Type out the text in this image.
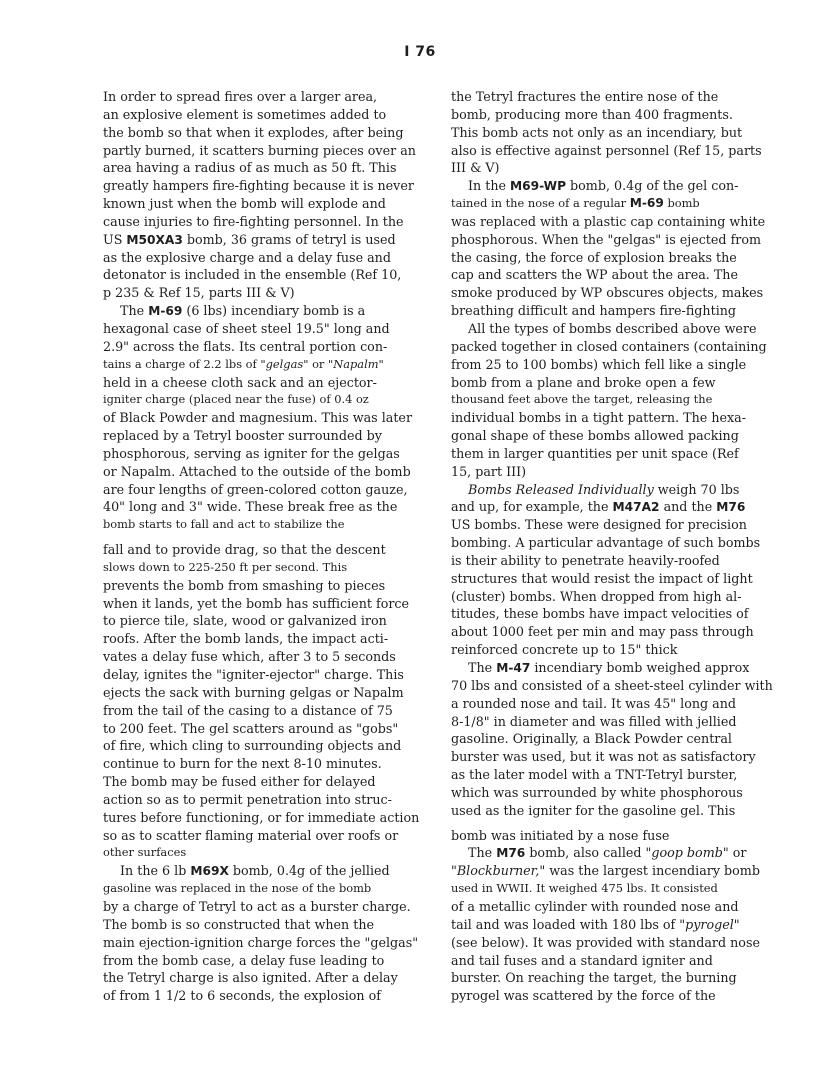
I 76
In order to spread fires over a larger area,
an explosive element is sometimes added to
the bomb so that when it explodes, after being
partly burned, it scatters burning pieces over an
area having a radius of as much as 50 ft. This
greatly hampers fire-fighting because it is never
known just when the bomb will explode and
cause injuries to fire-fighting personnel. In the
US M50XA3 bomb, 36 grams of tetryl is used
as the explosive charge and a delay fuse and
detonator is included in the ensemble (Ref 10,
p 235 & Ref 15, parts III & V)
The M-69 (6 lbs) incendiary bomb is a
hexagonal case of sheet steel 19.5" long and
2.9" across the flats. Its central portion con-
tains a charge of 2.2 lbs of "gelgas" or "Napalm"
held in a cheese cloth sack and an ejector-
igniter charge (placed near the fuse) of 0.4 oz
of Black Powder and magnesium. This was later
replaced by a Tetryl booster surrounded by
phosphorous, serving as igniter for the gelgas
or Napalm. Attached to the outside of the bomb
are four lengths of green-colored cotton gauze,
40" long and 3" wide. These break free as the
bomb starts to fall and act to stabilize the
fall and to provide drag, so that the descent
slows down to 225-250 ft per second. This
prevents the bomb from smashing to pieces
when it lands, yet the bomb has sufficient force
to pierce tile, slate, wood or galvanized iron
roofs. After the bomb lands, the impact acti-
vates a delay fuse which, after 3 to 5 seconds
delay, ignites the "igniter-ejector" charge. This
ejects the sack with burning gelgas or Napalm
from the tail of the casing to a distance of 75
to 200 feet. The gel scatters around as "gobs"
of fire, which cling to surrounding objects and
continue to burn for the next 8-10 minutes.
The bomb may be fused either for delayed
action so as to permit penetration into struc-
tures before functioning, or for immediate action
so as to scatter flaming material over roofs or
other surfaces
In the 6 lb M69X bomb, 0.4g of the jellied
gasoline was replaced in the nose of the bomb
by a charge of Tetryl to act as a burster charge.
The bomb is so constructed that when the
main ejection-ignition charge forces the "gelgas"
from the bomb case, a delay fuse leading to
the Tetryl charge is also ignited. After a delay
of from 1 1/2 to 6 seconds, the explosion of
the Tetryl fractures the entire nose of the
bomb, producing more than 400 fragments.
This bomb acts not only as an incendiary, but
also is effective against personnel (Ref 15, parts
III & V)
In the M69-WP bomb, 0.4g of the gel con-
tained in the nose of a regular M-69 bomb
was replaced with a plastic cap containing white
phosphorous. When the "gelgas" is ejected from
the casing, the force of explosion breaks the
cap and scatters the WP about the area. The
smoke produced by WP obscures objects, makes
breathing difficult and hampers fire-fighting
All the types of bombs described above were
packed together in closed containers (containing
from 25 to 100 bombs) which fell like a single
bomb from a plane and broke open a few
thousand feet above the target, releasing the
individual bombs in a tight pattern. The hexa-
gonal shape of these bombs allowed packing
them in larger quantities per unit space (Ref
15, part III)
Bombs Released Individually weigh 70 lbs
and up, for example, the M47A2 and the M76
US bombs. These were designed for precision
bombing. A particular advantage of such bombs
is their ability to penetrate heavily-roofed
structures that would resist the impact of light
(cluster) bombs. When dropped from high al-
titudes, these bombs have impact velocities of
about 1000 feet per min and may pass through
reinforced concrete up to 15" thick
The M-47 incendiary bomb weighed approx
70 lbs and consisted of a sheet-steel cylinder with
a rounded nose and tail. It was 45" long and
8-1/8" in diameter and was filled with jellied
gasoline. Originally, a Black Powder central
burster was used, but it was not as satisfactory
as the later model with a TNT-Tetryl burster,
which was surrounded by white phosphorous
used as the igniter for the gasoline gel. This
bomb was initiated by a nose fuse
The M76 bomb, also called "goop bomb" or
"Blockburner," was the largest incendiary bomb
used in WWII. It weighed 475 lbs. It consisted
of a metallic cylinder with rounded nose and
tail and was loaded with 180 lbs of "pyrogel"
(see below). It was provided with standard nose
and tail fuses and a standard igniter and
burster. On reaching the target, the burning
pyrogel was scattered by the force of the
